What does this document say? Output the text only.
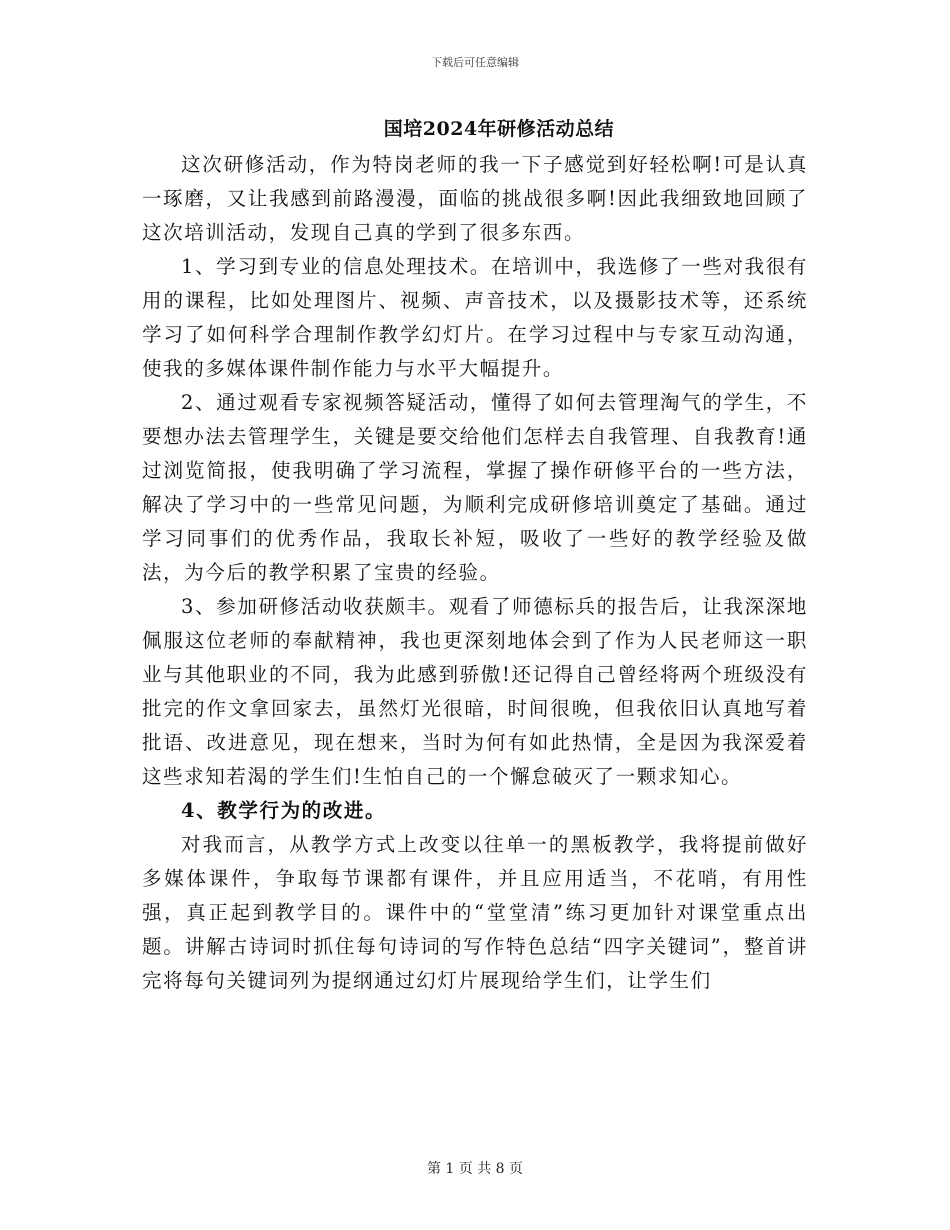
下载后可任意编辑
国培2024年研修活动总结

这次研修活动，作为特岗老师的我一下子感觉到好轻松啊!可是认真一琢磨，又让我感到前路漫漫，面临的挑战很多啊!因此我细致地回顾了这次培训活动，发现自己真的学到了很多东西。

1、学习到专业的信息处理技术。在培训中，我选修了一些对我很有用的课程，比如处理图片、视频、声音技术，以及摄影技术等，还系统学习了如何科学合理制作教学幻灯片。在学习过程中与专家互动沟通，使我的多媒体课件制作能力与水平大幅提升。

2、通过观看专家视频答疑活动，懂得了如何去管理淘气的学生，不要想办法去管理学生，关键是要交给他们怎样去自我管理、自我教育!通过浏览简报，使我明确了学习流程，掌握了操作研修平台的一些方法，解决了学习中的一些常见问题，为顺利完成研修培训奠定了基础。通过学习同事们的优秀作品，我取长补短，吸收了一些好的教学经验及做法，为今后的教学积累了宝贵的经验。

3、参加研修活动收获颇丰。观看了师德标兵的报告后，让我深深地佩服这位老师的奉献精神，我也更深刻地体会到了作为人民老师这一职业与其他职业的不同，我为此感到骄傲!还记得自己曾经将两个班级没有批完的作文拿回家去，虽然灯光很暗，时间很晚，但我依旧认真地写着批语、改进意见，现在想来，当时为何有如此热情，全是因为我深爱着这些求知若渴的学生们!生怕自己的一个懈怠破灭了一颗求知心。

4、教学行为的改进。

对我而言，从教学方式上改变以往单一的黑板教学，我将提前做好多媒体课件，争取每节课都有课件，并且应用适当，不花哨，有用性强，真正起到教学目的。课件中的“堂堂清”练习更加针对课堂重点出题。讲解古诗词时抓住每句诗词的写作特色总结“四字关键词”，整首讲完将每句关键词列为提纲通过幻灯片展现给学生们，让学生们

第 1 页 共 8 页
